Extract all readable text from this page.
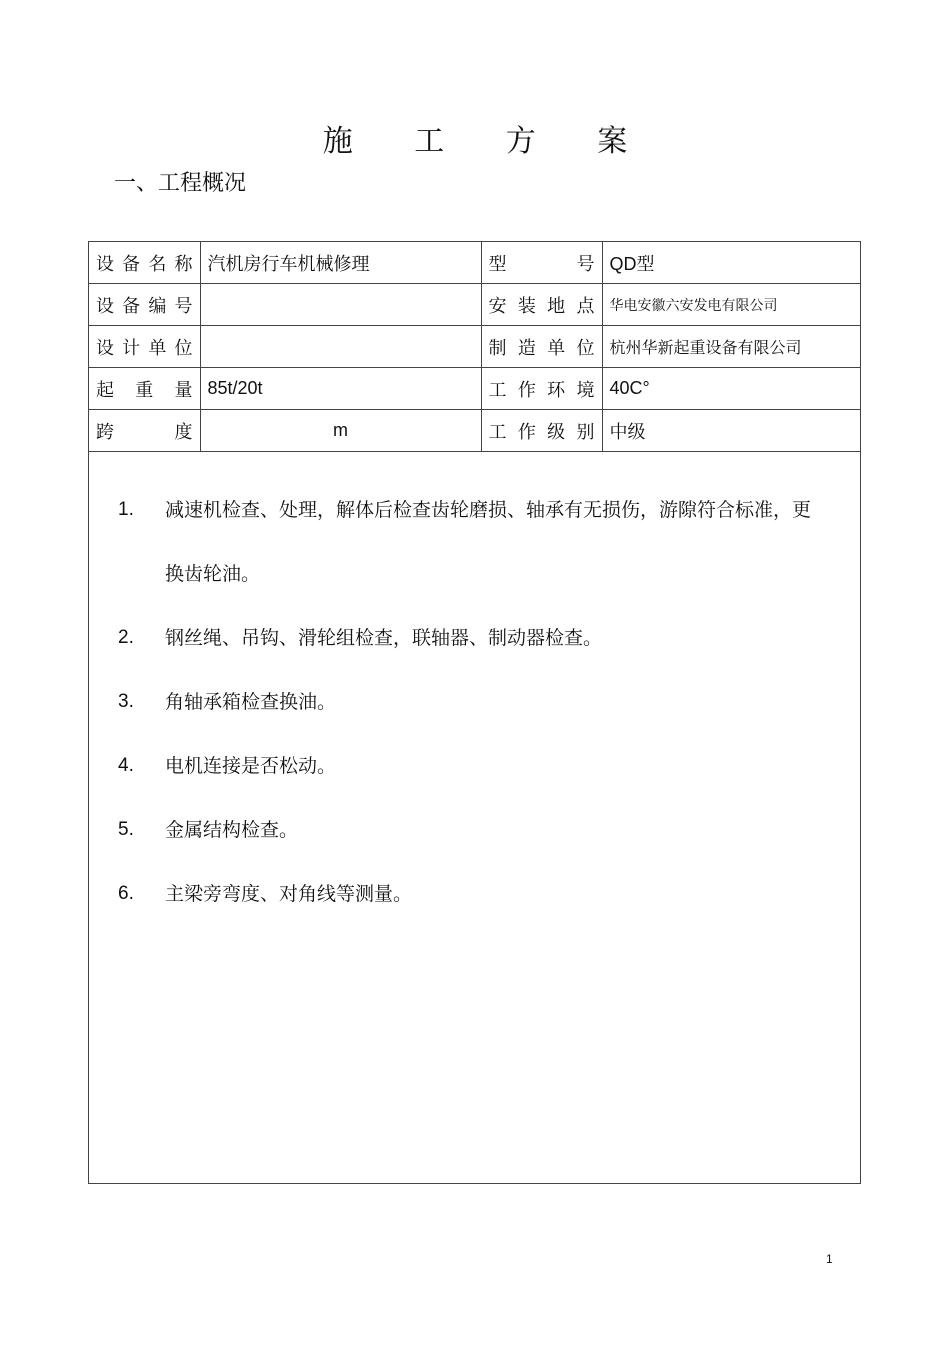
施 工 方 案
一、工程概况
设备名称	汽机房行车机械修理	型　　号	QD型
设备编号		安装地点	华电安徽六安发电有限公司
设计单位		制造单位	杭州华新起重设备有限公司
起重量	85t/20t	工作环境	40C°
跨　度	m	工作级别	中级
1. 减速机检查、处理，解体后检查齿轮磨损、轴承有无损伤，游隙符合标准，更换齿轮油。
2. 钢丝绳、吊钩、滑轮组检查，联轴器、制动器检查。
3. 角轴承箱检查换油。
4. 电机连接是否松动。
5. 金属结构检查。
6. 主梁旁弯度、对角线等测量。
1
